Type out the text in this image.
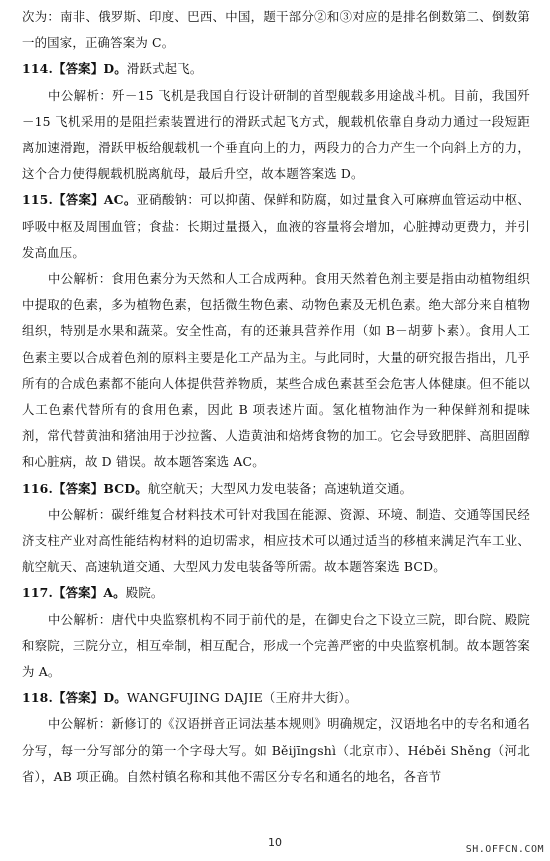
次为：南非、俄罗斯、印度、巴西、中国，题干部分②和③对应的是排名倒数第二、倒数第一的国家，正确答案为 C。

114.【答案】D。滑跃式起飞。

中公解析：歼－15 飞机是我国自行设计研制的首型舰载多用途战斗机。目前，我国歼－15 飞机采用的是阻拦索装置进行的滑跃式起飞方式，舰载机依靠自身动力通过一段短距离加速滑跑，滑跃甲板给舰载机一个垂直向上的力，两段力的合力产生一个向斜上方的力，这个合力使得舰载机脱离航母，最后升空，故本题答案选 D。

115.【答案】AC。亚硝酸钠：可以抑菌、保鲜和防腐，如过量食入可麻痹血管运动中枢、呼吸中枢及周围血管；食盐：长期过量摄入，血液的容量将会增加，心脏搏动更费力，并引发高血压。

中公解析：食用色素分为天然和人工合成两种。食用天然着色剂主要是指由动植物组织中提取的色素，多为植物色素，包括微生物色素、动物色素及无机色素。绝大部分来自植物组织，特别是水果和蔬菜。安全性高，有的还兼具营养作用（如 B－胡萝卜素）。食用人工色素主要以合成着色剂的原料主要是化工产品为主。与此同时，大量的研究报告指出，几乎所有的合成色素都不能向人体提供营养物质，某些合成色素甚至会危害人体健康。但不能以人工色素代替所有的食用色素，因此 B 项表述片面。氢化植物油作为一种保鲜剂和提味剂，常代替黄油和猪油用于沙拉酱、人造黄油和焙烤食物的加工。它会导致肥胖、高胆固醇和心脏病，故 D 错误。故本题答案选 AC。

116.【答案】BCD。航空航天；大型风力发电装备；高速轨道交通。

中公解析：碳纤维复合材料技术可针对我国在能源、资源、环境、制造、交通等国民经济支柱产业对高性能结构材料的迫切需求，相应技术可以通过适当的移植来满足汽车工业、航空航天、高速轨道交通、大型风力发电装备等所需。故本题答案选 BCD。

117.【答案】A。殿院。

中公解析：唐代中央监察机构不同于前代的是，在御史台之下设立三院，即台院、殿院和察院，三院分立，相互牵制，相互配合，形成一个完善严密的中央监察机制。故本题答案为 A。

118.【答案】D。WANGFUJING DAJIE（王府井大街）。

中公解析：新修订的《汉语拼音正词法基本规则》明确规定，汉语地名中的专名和通名分写，每一分写部分的第一个字母大写。如 Běijīngshì（北京市）、Héběi Shěng（河北省），AB 项正确。自然村镇名称和其他不需区分专名和通名的地名，各音节

10
SH.OFFCN.COM
